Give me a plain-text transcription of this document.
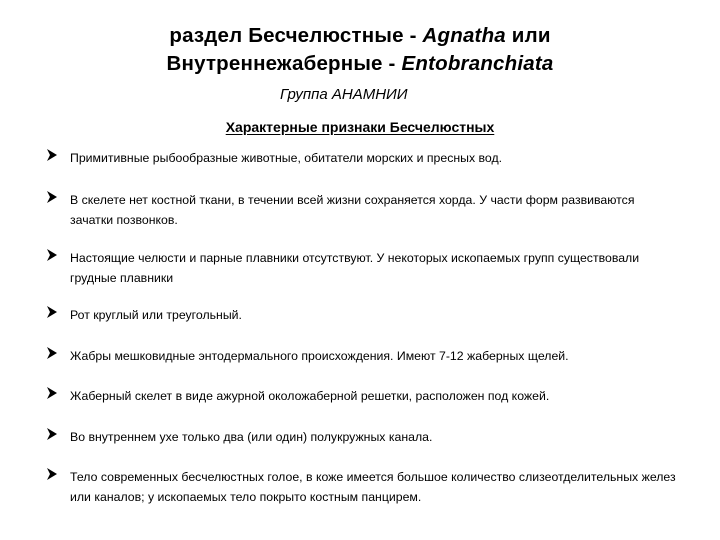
раздел Бесчелюстные - Agnatha или
Внутреннежаберные - Entobranchiata
Группа АНАМНИИ
Характерные признаки Бесчелюстных
Примитивные рыбообразные животные, обитатели морских и пресных вод.
В скелете нет костной ткани, в течении всей жизни сохраняется хорда. У части форм развиваются зачатки позвонков.
Настоящие челюсти и парные плавники отсутствуют. У некоторых ископаемых групп существовали грудные плавники
Рот круглый или треугольный.
Жабры мешковидные энтодермального происхождения. Имеют 7-12 жаберных щелей.
Жаберный скелет в виде ажурной околожаберной решетки, расположен под кожей.
Во внутреннем ухе только два (или один) полукружных канала.
Тело современных бесчелюстных голое, в коже имеется большое количество слизеотделительных желез или каналов; у ископаемых тело покрыто костным панцирем.
